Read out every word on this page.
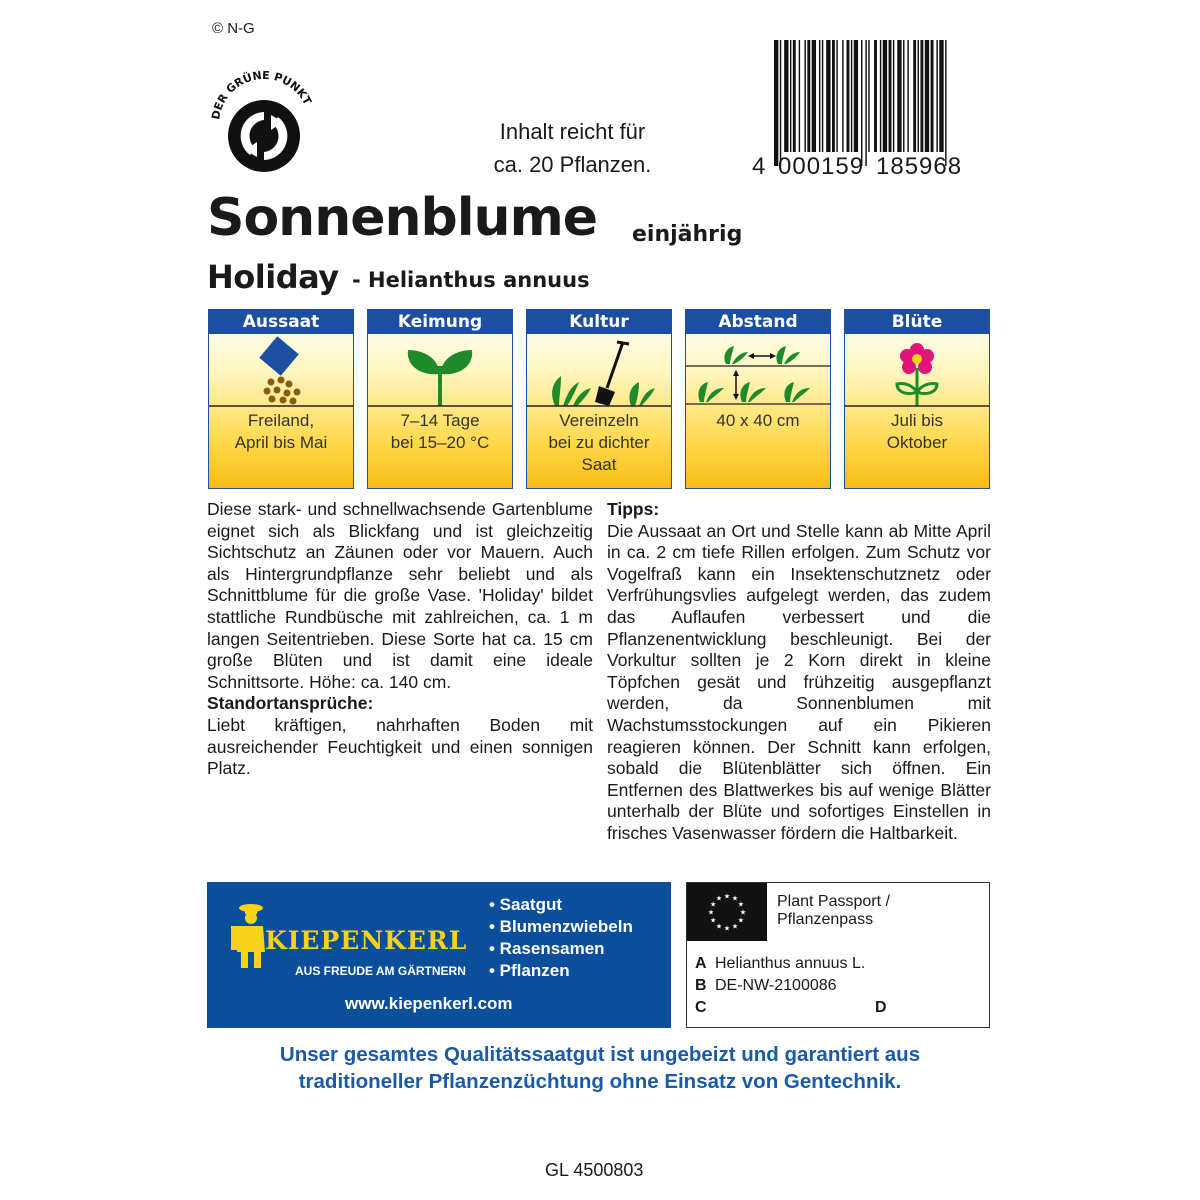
© N-G
DER GRÜNE PUNKT
Inhalt reicht für
ca. 20 Pflanzen.	4 000159 185968
Sonnenblume einjährig
Holiday - Helianthus annuus
Aussaat
Freiland,
April bis Mai
Keimung
7–14 Tage
bei 15–20 °C
Kultur
Vereinzeln
bei zu dichter
Saat
Abstand
40 x 40 cm
Blüte
Juli bis
Oktober

Diese stark- und schnellwachsende Gartenblume eignet sich als Blickfang und ist gleichzeitig Sichtschutz an Zäunen oder vor Mauern. Auch als Hintergrundpflanze sehr beliebt und als Schnittblume für die große Vase. 'Holiday' bildet stattliche Rundbüsche mit zahlreichen, ca. 1 m langen Seitentrieben. Diese Sorte hat ca. 15 cm große Blüten und ist damit eine ideale Schnittsorte. Höhe: ca. 140 cm.

Standortansprüche:

Liebt kräftigen, nahrhaften Boden mit ausreichender Feuchtigkeit und einen sonnigen Platz.

Tipps:

Die Aussaat an Ort und Stelle kann ab Mitte April in ca. 2 cm tiefe Rillen erfolgen. Zum Schutz vor Vogelfraß kann ein Insektenschutznetz oder Verfrühungsvlies aufgelegt werden, das zudem das Auflaufen verbessert und die Pflanzenentwicklung beschleunigt. Bei der Vorkultur sollten je 2 Korn direkt in kleine Töpfchen gesät und frühzeitig ausgepflanzt werden, da Sonnenblumen mit Wachstumsstockungen auf ein Pikieren reagieren können. Der Schnitt kann erfolgen, sobald die Blütenblätter sich öffnen. Ein Entfernen des Blattwerkes bis auf wenige Blätter unterhalb der Blüte und sofortiges Einstellen in frisches Vasenwasser fördern die Haltbarkeit.

KIEPENKERL
AUS FREUDE AM GÄRTNERN
• Saatgut
• Blumenzwiebeln
• Rasensamen
• Pflanzen
www.kiepenkerl.com
★
★
★
★
★
★
★
★
★ ★ ★
★ Plant Passport /
Pflanzenpass
A Helianthus annuus L.
B DE-NW-2100086
C	D
Unser gesamtes Qualitätssaatgut ist ungebeizt und garantiert aus
traditioneller Pflanzenzüchtung ohne Einsatz von Gentechnik.
GL 4500803
